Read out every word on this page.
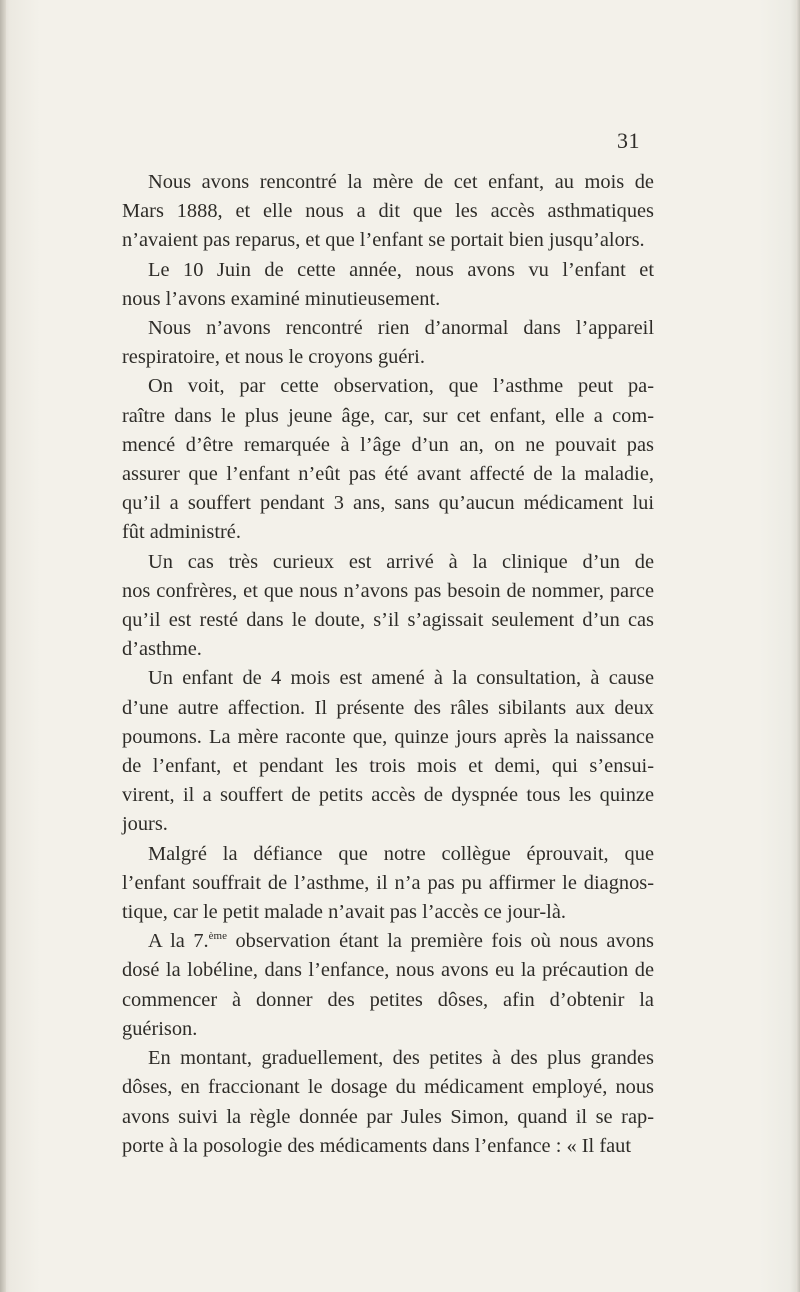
31
Nous avons rencontré la mère de cet enfant, au mois de
Mars 1888, et elle nous a dit que les accès asthmatiques
n’avaient pas reparus, et que l’enfant se portait bien jusqu’alors.
Le 10 Juin de cette année, nous avons vu l’enfant et
nous l’avons examiné minutieusement.
Nous n’avons rencontré rien d’anormal dans l’appareil
respiratoire, et nous le croyons guéri.
On voit, par cette observation, que l’asthme peut pa-
raître dans le plus jeune âge, car, sur cet enfant, elle a com-
mencé d’être remarquée à l’âge d’un an, on ne pouvait pas
assurer que l’enfant n’eût pas été avant affecté de la maladie,
qu’il a souffert pendant 3 ans, sans qu’aucun médicament lui
fût administré.
Un cas très curieux est arrivé à la clinique d’un de
nos confrères, et que nous n’avons pas besoin de nommer, parce
qu’il est resté dans le doute, s’il s’agissait seulement d’un cas
d’asthme.
Un enfant de 4 mois est amené à la consultation, à cause
d’une autre affection. Il présente des râles sibilants aux deux
poumons. La mère raconte que, quinze jours après la naissance
de l’enfant, et pendant les trois mois et demi, qui s’ensui-
virent, il a souffert de petits accès de dyspnée tous les quinze
jours.
Malgré la défiance que notre collègue éprouvait, que
l’enfant souffrait de l’asthme, il n’a pas pu affirmer le diagnos-
tique, car le petit malade n’avait pas l’accès ce jour-là.
A la 7.$^{ème}$ observation étant la première fois où nous avons
dosé la lobéline, dans l’enfance, nous avons eu la précaution de
commencer à donner des petites dôses, afin d’obtenir la
guérison.
En montant, graduellement, des petites à des plus grandes
dôses, en fraccionant le dosage du médicament employé, nous
avons suivi la règle donnée par Jules Simon, quand il se rap-
porte à la posologie des médicaments dans l’enfance : « Il faut
